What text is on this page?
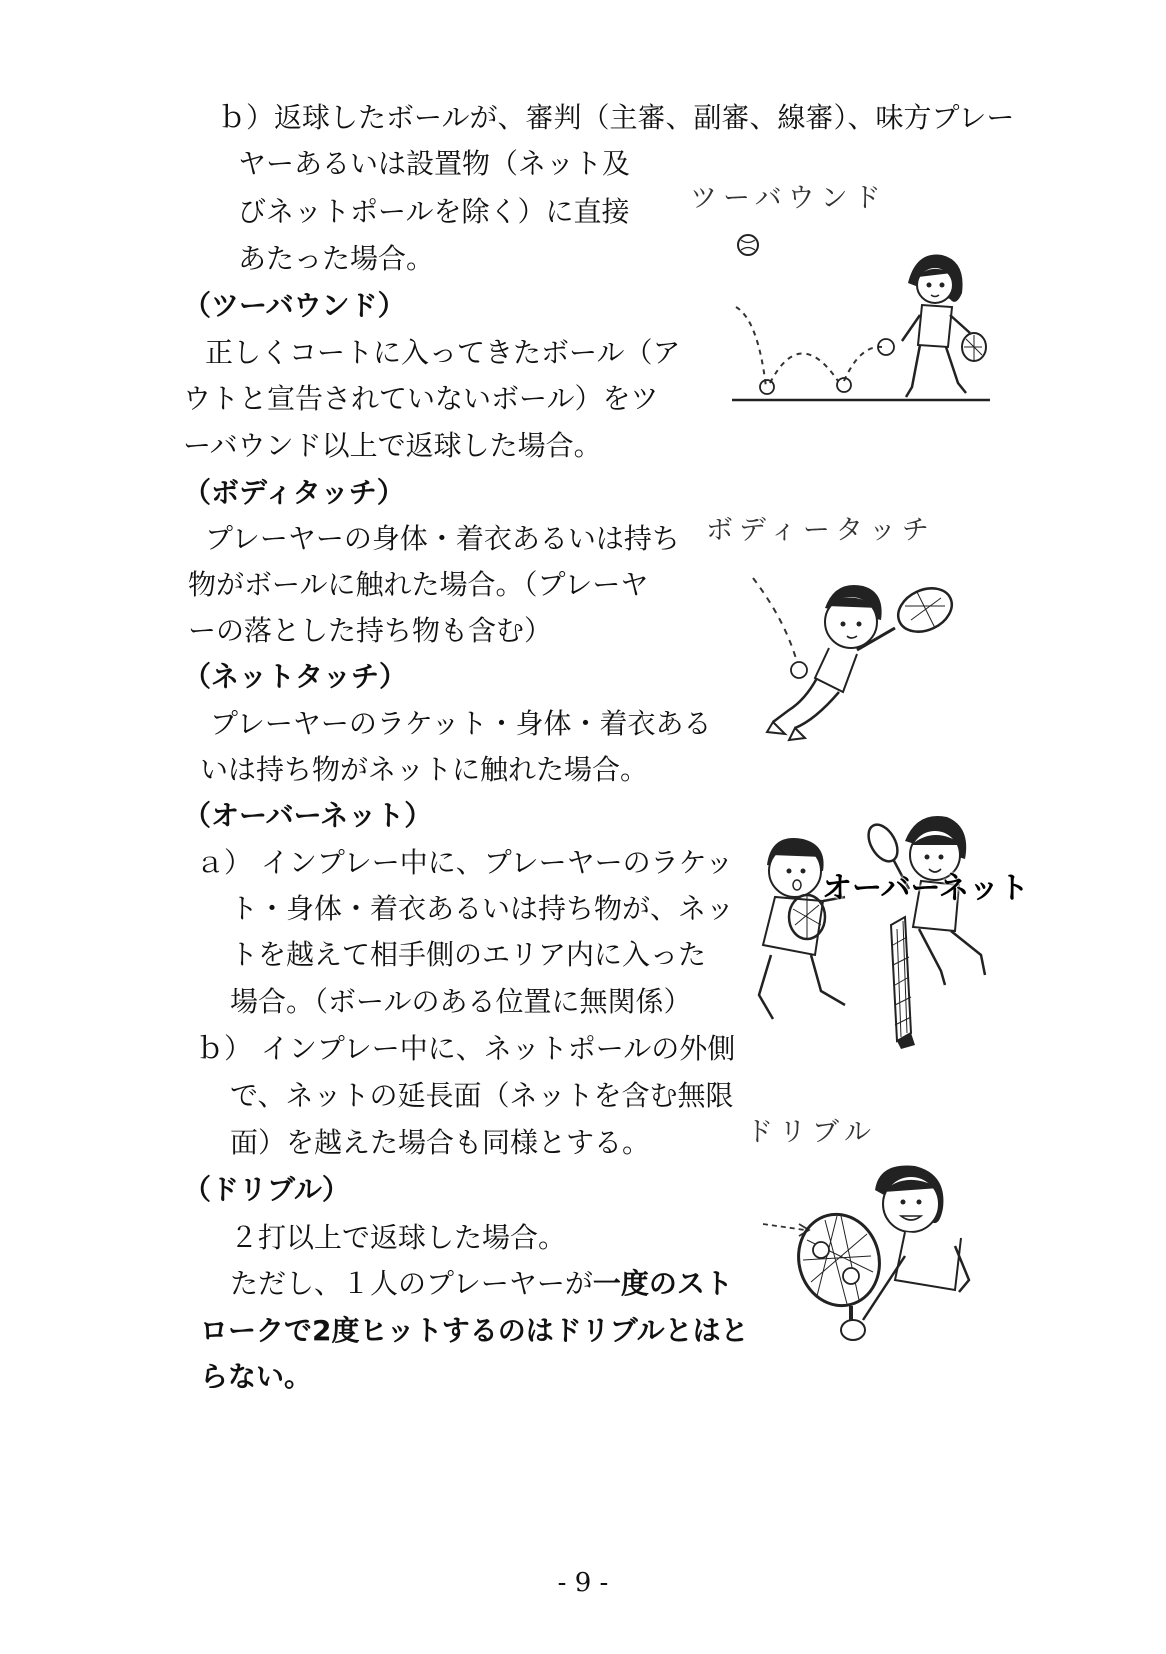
ｂ）返球したボールが、審判（主審、副審、線審）、味方プレー
ヤーあるいは設置物（ネット及
びネットポールを除く）に直接
あたった場合。
（ツーバウンド）
正しくコートに入ってきたボール（ア
ウトと宣告されていないボール）をツ
ーバウンド以上で返球した場合。
ツーバウンド
（ボディタッチ）
プレーヤーの身体・着衣あるいは持ち
物がボールに触れた場合。（プレーヤ
ーの落とした持ち物も含む）
ボディータッチ
（ネットタッチ）
プレーヤーのラケット・身体・着衣ある
いは持ち物がネットに触れた場合。
（オーバーネット）
ａ） インプレー中に、プレーヤーのラケッ
ト・身体・着衣あるいは持ち物が、ネッ
トを越えて相手側のエリア内に入った
場合。（ボールのある位置に無関係）
ｂ） インプレー中に、ネットポールの外側
で、ネットの延長面（ネットを含む無限
面）を越えた場合も同様とする。
オーバーネット
（ドリブル）
２打以上で返球した場合。
ただし、１人のプレーヤーが一度のスト
ロークで2度ヒットするのはドリブルとはと
らない。
ドリブル
- 9 -
